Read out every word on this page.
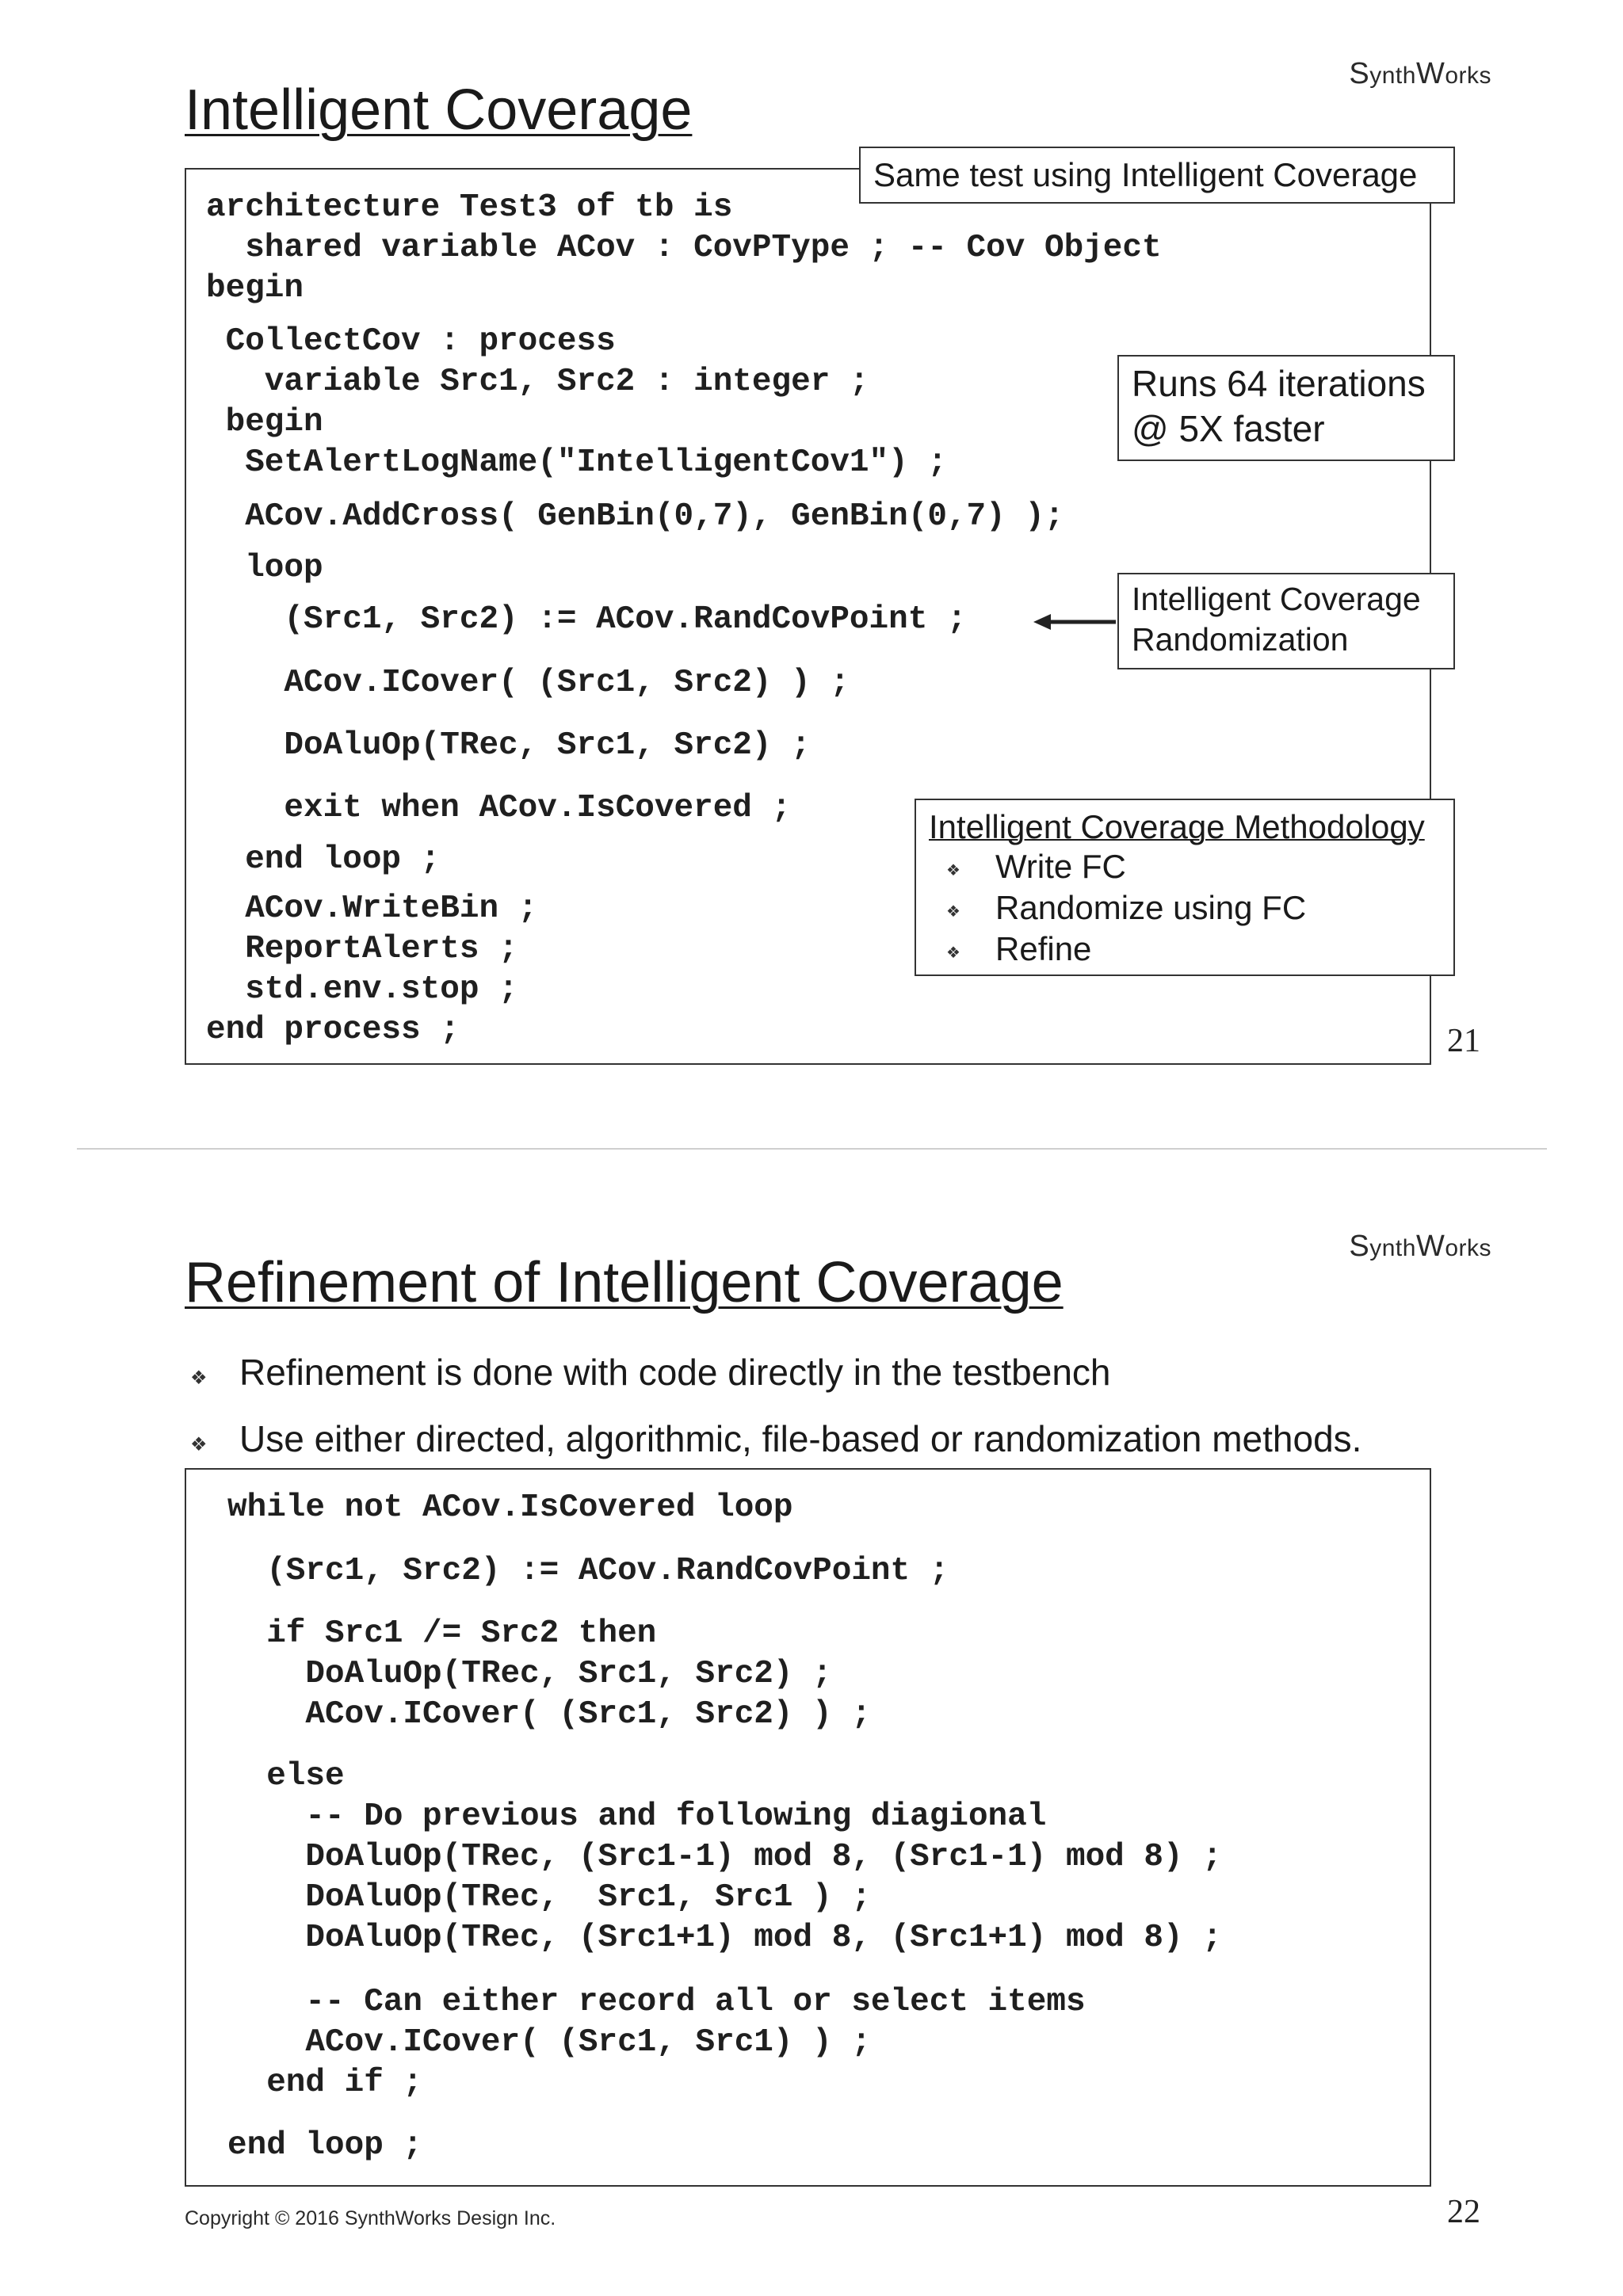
SynthWorks
Intelligent Coverage
architecture Test3 of tb is
shared variable ACov : CovPType ; -- Cov Object
begin
CollectCov : process
variable Src1, Src2 : integer ;
begin
SetAlertLogName("IntelligentCov1") ;
ACov.AddCross( GenBin(0,7), GenBin(0,7) );
loop
(Src1, Src2) := ACov.RandCovPoint ;
ACov.ICover( (Src1, Src2) ) ;
DoAluOp(TRec, Src1, Src2) ;
exit when ACov.IsCovered ;
end loop ;
ACov.WriteBin ;
ReportAlerts ;
std.env.stop ;
end process ;
Same test using Intelligent Coverage
Runs 64 iterations
@ 5X faster
Intelligent Coverage
Randomization
Intelligent Coverage Methodology
❖ Write FC
❖ Randomize using FC
❖ Refine
21
SynthWorks
Refinement of Intelligent Coverage
❖ Refinement is done with code directly in the testbench
❖ Use either directed, algorithmic, file-based or randomization methods.
while not ACov.IsCovered loop
(Src1, Src2) := ACov.RandCovPoint ;
if Src1 /= Src2 then
DoAluOp(TRec, Src1, Src2) ;
ACov.ICover( (Src1, Src2) ) ;
else
-- Do previous and following diagional
DoAluOp(TRec, (Src1-1) mod 8, (Src1-1) mod 8) ;
DoAluOp(TRec,  Src1, Src1 ) ;
DoAluOp(TRec, (Src1+1) mod 8, (Src1+1) mod 8) ;
-- Can either record all or select items
ACov.ICover( (Src1, Src1) ) ;
end if ;
end loop ;
22
Copyright © 2016 SynthWorks Design Inc.
